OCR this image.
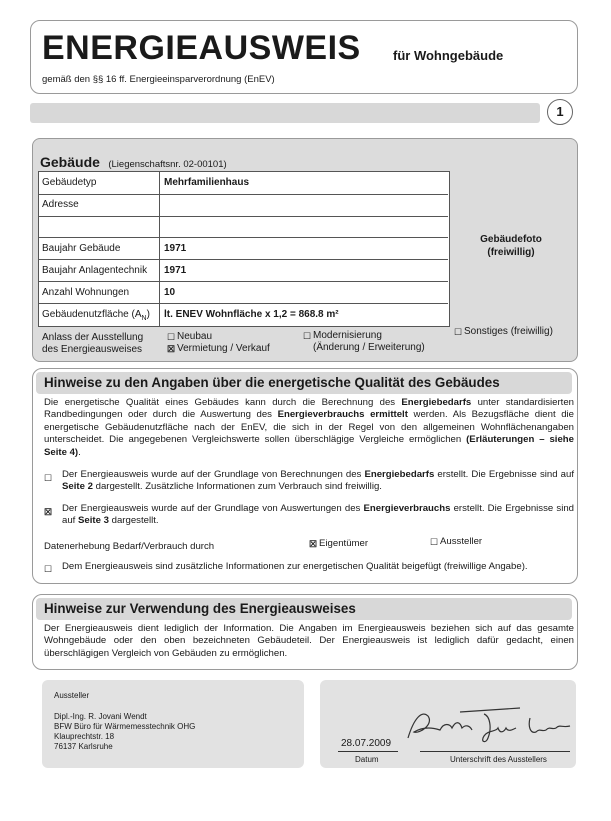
ENERGIEAUSWEIS für Wohngebäude
gemäß den §§ 16 ff. Energieeinsparverordnung (EnEV)
1
Gebäude (Liegenschaftsnr. 02-00101)
Gebäudetyp	Mehrfamilienhaus
Adresse
Baujahr Gebäude	1971
Baujahr Anlagentechnik 1971
Anzahl Wohnungen	10
Gebäudenutzfläche $(A_N)$ lt. ENEV Wohnfläche x 1,2 = 868.8 m²
Gebäudefoto
(freiwillig)
Anlass der Ausstellung
des Energieausweises
☐ Neubau
☒ Vermietung / Verkauf
☐ Modernisierung
(Änderung / Erweiterung)
☐ Sonstiges (freiwillig)
Hinweise zu den Angaben über die energetische Qualität des Gebäudes
Die energetische Qualität eines Gebäudes kann durch die Berechnung des Energiebedarfs unter standardisierten Randbedingungen oder durch die Auswertung des Energieverbrauchs ermittelt werden. Als Bezugsfläche dient die energetische Gebäudenutzfläche nach der EnEV, die sich in der Regel von den allgemeinen Wohnflächenangaben unterscheidet. Die angegebenen Vergleichswerte sollen überschlägige Vergleiche ermöglichen (Erläuterungen – siehe Seite 4).
☐ Der Energieausweis wurde auf der Grundlage von Berechnungen des Energiebedarfs erstellt. Die Ergebnisse sind auf Seite 2 dargestellt. Zusätzliche Informationen zum Verbrauch sind freiwillig.
☒ Der Energieausweis wurde auf der Grundlage von Auswertungen des Energieverbrauchs erstellt. Die Ergebnisse sind auf Seite 3 dargestellt.
Datenerhebung Bedarf/Verbrauch durch	☒ Eigentümer	☐ Aussteller
☐ Dem Energieausweis sind zusätzliche Informationen zur energetischen Qualität beigefügt (freiwillige Angabe).
Hinweise zur Verwendung des Energieausweises
Der Energieausweis dient lediglich der Information. Die Angaben im Energieausweis beziehen sich auf das gesamte Wohngebäude oder den oben bezeichneten Gebäudeteil. Der Energieausweis ist lediglich dafür gedacht, einen überschlägigen Vergleich von Gebäuden zu ermöglichen.
Aussteller
Dipl.-Ing. R. Jovani Wendt
BFW Büro für Wärmemesstechnik OHG
Klauprechtstr. 18
76137 Karlsruhe	28.07.2009
Datum	Unterschrift des Ausstellers
